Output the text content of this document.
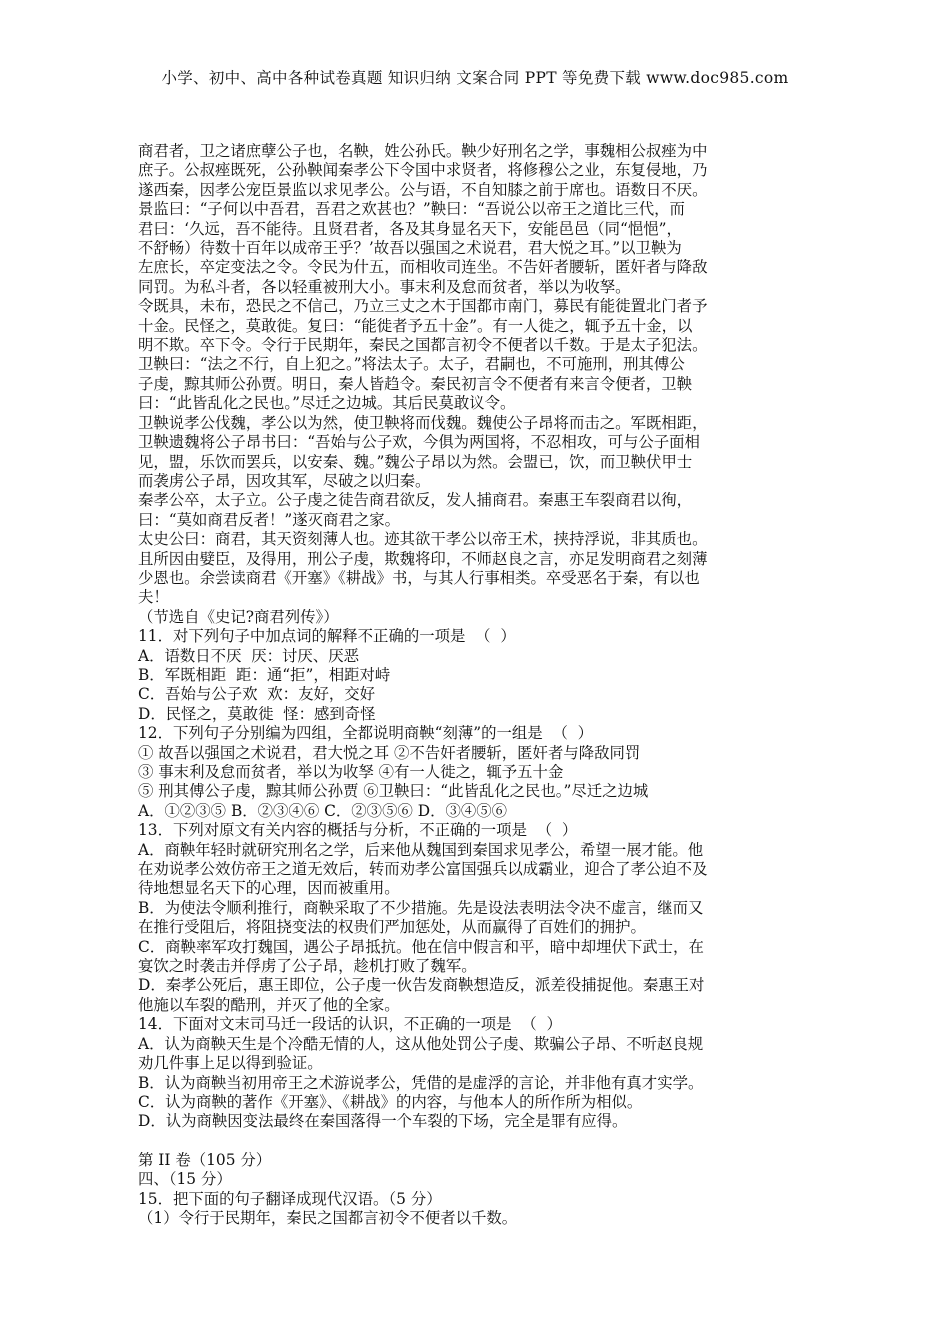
小学、初中、高中各种试卷真题 知识归纳 文案合同 PPT 等免费下载 www.doc985.com

商君者，卫之诸庶孽公子也，名鞅，姓公孙氏。鞅少好刑名之学，事魏相公叔痤为中

庶子。公叔痤既死，公孙鞅闻秦孝公下令国中求贤者，将修穆公之业，东复侵地，乃

遂西秦，因孝公宠臣景监以求见孝公。公与语，不自知膝之前于席也。语数日不厌。

景监曰：“子何以中吾君，吾君之欢甚也？”鞅曰：“吾说公以帝王之道比三代，而

君曰：‘久远，吾不能待。且贤君者，各及其身显名天下，安能邑邑（同“悒悒”，

不舒畅）待数十百年以成帝王乎？’故吾以强国之术说君，君大悦之耳。”以卫鞅为

左庶长，卒定变法之令。令民为什五，而相收司连坐。不告奸者腰斩，匿奸者与降敌

同罚。为私斗者，各以轻重被刑大小。事末利及怠而贫者，举以为收孥。

令既具，未布，恐民之不信己，乃立三丈之木于国都市南门，募民有能徙置北门者予

十金。民怪之，莫敢徙。复曰：“能徙者予五十金”。有一人徙之，辄予五十金，以

明不欺。卒下令。令行于民期年，秦民之国都言初令不便者以千数。于是太子犯法。

卫鞅曰：“法之不行，自上犯之。”将法太子。太子，君嗣也，不可施刑，刑其傅公

子虔，黥其师公孙贾。明日，秦人皆趋令。秦民初言令不便者有来言令便者，卫鞅

曰：“此皆乱化之民也。”尽迁之边城。其后民莫敢议令。

卫鞅说孝公伐魏，孝公以为然，使卫鞅将而伐魏。魏使公子昂将而击之。军既相距，

卫鞅遗魏将公子昂书曰：“吾始与公子欢，今俱为两国将，不忍相攻，可与公子面相

见，盟，乐饮而罢兵，以安秦、魏。”魏公子昂以为然。会盟已，饮，而卫鞅伏甲士

而袭虏公子昂，因攻其军，尽破之以归秦。

秦孝公卒，太子立。公子虔之徒告商君欲反，发人捕商君。秦惠王车裂商君以徇，

曰：“莫如商君反者！”遂灭商君之家。

太史公曰：商君，其天资刻薄人也。迹其欲干孝公以帝王术，挟持浮说，非其质也。

且所因由嬖臣，及得用，刑公子虔，欺魏将印，不师赵良之言，亦足发明商君之刻薄

少恩也。余尝读商君《开塞》《耕战》书，与其人行事相类。卒受恶名于秦，有以也

夫！

（节选自《史记?商君列传》）

11．对下列句子中加点词的解释不正确的一项是  （  ）

A．语数日不厌  厌：讨厌、厌恶

B．军既相距  距：通“拒”，相距对峙

C．吾始与公子欢  欢：友好，交好

D．民怪之，莫敢徙  怪：感到奇怪

12．下列句子分别编为四组，全都说明商鞅“刻薄”的一组是  （  ）

① 故吾以强国之术说君，君大悦之耳 ②不告奸者腰斩，匿奸者与降敌同罚

③ 事末利及怠而贫者，举以为收孥 ④有一人徙之，辄予五十金

⑤ 刑其傅公子虔，黥其师公孙贾 ⑥卫鞅曰：“此皆乱化之民也。”尽迁之边城

A．①②③⑤ B．②③④⑥ C．②③⑤⑥ D．③④⑤⑥

13．下列对原文有关内容的概括与分析，不正确的一项是  （  ）

A．商鞅年轻时就研究刑名之学，后来他从魏国到秦国求见孝公，希望一展才能。他

在劝说孝公效仿帝王之道无效后，转而劝孝公富国强兵以成霸业，迎合了孝公迫不及

待地想显名天下的心理，因而被重用。

B．为使法令顺利推行，商鞅采取了不少措施。先是设法表明法令决不虚言，继而又

在推行受阻后，将阻挠变法的权贵们严加惩处，从而赢得了百姓们的拥护。

C．商鞅率军攻打魏国，遇公子昂抵抗。他在信中假言和平，暗中却埋伏下武士，在

宴饮之时袭击并俘虏了公子昂，趁机打败了魏军。

D．秦孝公死后，惠王即位，公子虔一伙告发商鞅想造反，派差役捕捉他。秦惠王对

他施以车裂的酷刑，并灭了他的全家。

14．下面对文末司马迁一段话的认识，不正确的一项是  （  ）

A．认为商鞅天生是个冷酷无情的人，这从他处罚公子虔、欺骗公子昂、不听赵良规

劝几件事上足以得到验证。

B．认为商鞅当初用帝王之术游说孝公，凭借的是虚浮的言论，并非他有真才实学。

C．认为商鞅的著作《开塞》、《耕战》的内容，与他本人的所作所为相似。

D．认为商鞅因变法最终在秦国落得一个车裂的下场，完全是罪有应得。

第 II 卷（105 分）

四、（15 分）

15．把下面的句子翻译成现代汉语。（5 分）

（1）令行于民期年，秦民之国都言初令不便者以千数。
